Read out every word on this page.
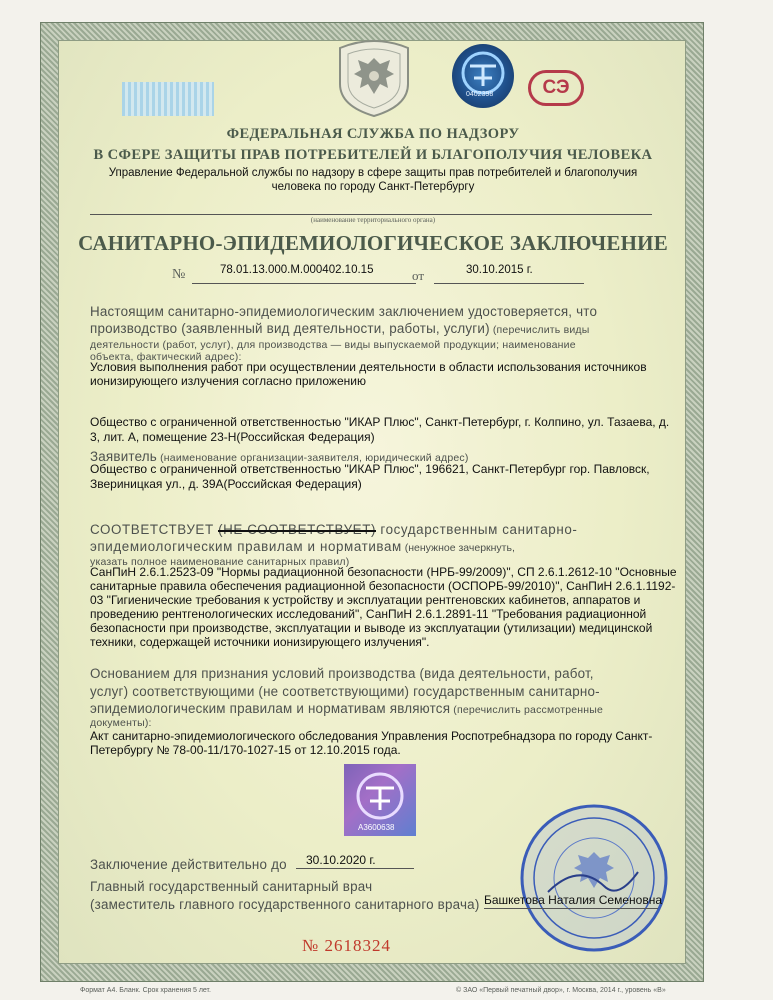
0402398	СЭ
ФЕДЕРАЛЬНАЯ СЛУЖБА ПО НАДЗОРУ
В СФЕРЕ ЗАЩИТЫ ПРАВ ПОТРЕБИТЕЛЕЙ И БЛАГОПОЛУЧИЯ ЧЕЛОВЕКА
Управление Федеральной службы по надзору в сфере защиты прав потребителей и благополучия
человека по городу Санкт-Петербургу
(наименование территориального органа)
САНИТАРНО-ЭПИДЕМИОЛОГИЧЕСКОЕ ЗАКЛЮЧЕНИЕ
№	78.01.13.000.М.000402.10.15	от	30.10.2015 г.
Настоящим санитарно-эпидемиологическим заключением удостоверяется, что
производство (заявленный вид деятельности, работы, услуги) (перечислить виды
деятельности (работ, услуг), для производства — виды выпускаемой продукции; наименование
объекта, фактический адрес):
Условия выполнения работ при осуществлении деятельности в области использования источников
ионизирующего излучения согласно приложению
Общество с ограниченной ответственностью "ИКАР Плюс", Санкт-Петербург, г. Колпино, ул. Тазаева, д.
3, лит. А, помещение 23-Н(Российская Федерация)
Заявитель (наименование организации-заявителя, юридический адрес)
Общество с ограниченной ответственностью "ИКАР Плюс", 196621, Санкт-Петербург гор. Павловск,
Звериницкая ул., д. 39А(Российская Федерация)
СООТВЕТСТВУЕТ (НЕ СООТВЕТСТВУЕТ)
государственным санитарно-
эпидемиологическим правилам и нормативам (ненужное зачеркнуть,
указать полное наименование санитарных правил)
СанПиН 2.6.1.2523-09 "Нормы радиационной безопасности (НРБ-99/2009)", СП 2.6.1.2612-10 "Основные
санитарные правила обеспечения радиационной безопасности (ОСПОРБ-99/2010)", СанПиН 2.6.1.1192-
03 "Гигиенические требования к устройству и эксплуатации рентгеновских кабинетов, аппаратов и
проведению рентгенологических исследований", СанПиН 2.6.1.2891-11 "Требования радиационной
безопасности при производстве, эксплуатации и выводе из эксплуатации (утилизации) медицинской
техники, содержащей источники ионизирующего излучения".
Основанием для признания условий производства (вида деятельности, работ,
услуг) соответствующими (не соответствующими) государственным санитарно-
эпидемиологическим правилам и нормативам являются (перечислить рассмотренные
документы):
Акт санитарно-эпидемиологического обследования Управления Роспотребнадзора по городу Санкт-
Петербургу № 78-00-11/170-1027-15 от 12.10.2015 года.
А3600638
Заключение действительно до 30.10.2020 г.
Главный государственный санитарный врач
(заместитель главного государственного санитарного врача) Башкетова Наталия Семеновна
№ 2618324
Формат А4. Бланк. Срок хранения 5 лет.	© ЗАО «Первый печатный двор», г. Москва, 2014 г., уровень «В»
